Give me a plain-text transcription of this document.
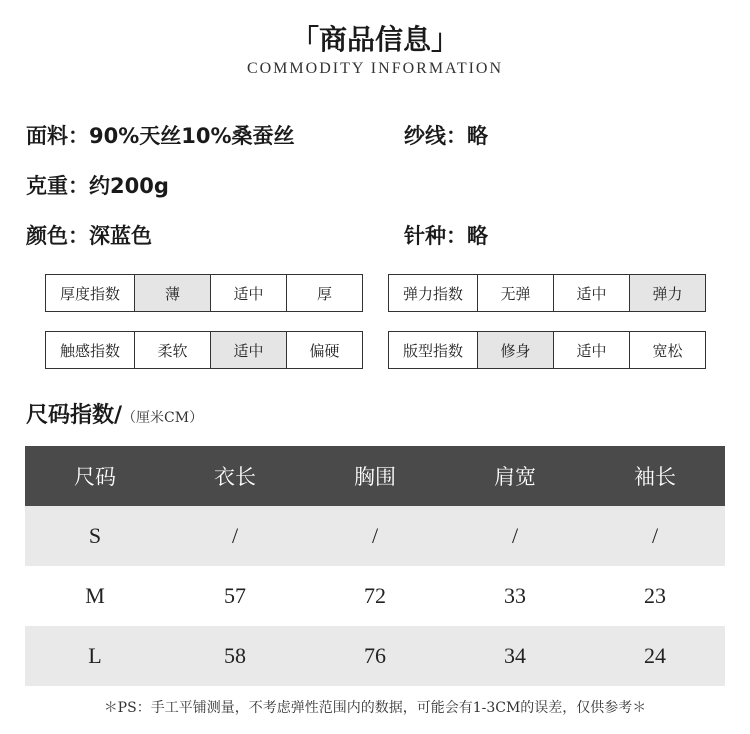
「商品信息」
COMMODITY INFORMATION
面料：90%天丝10%桑蚕丝	纱线：略
克重：约200g
颜色：深蓝色	针种：略
厚度指数	薄	适中	厚	弹力指数	无弹	适中	弹力
触感指数	柔软	适中	偏硬	版型指数	修身	适中	宽松
尺码指数/（厘米CM）
尺码	衣长	胸围	肩宽	袖长
S	/	/	/	/
M	57	72	33	23
L	58	76	34	24
＊PS：手工平铺测量，不考虑弹性范围内的数据，可能会有1-3CM的误差，仅供参考＊
